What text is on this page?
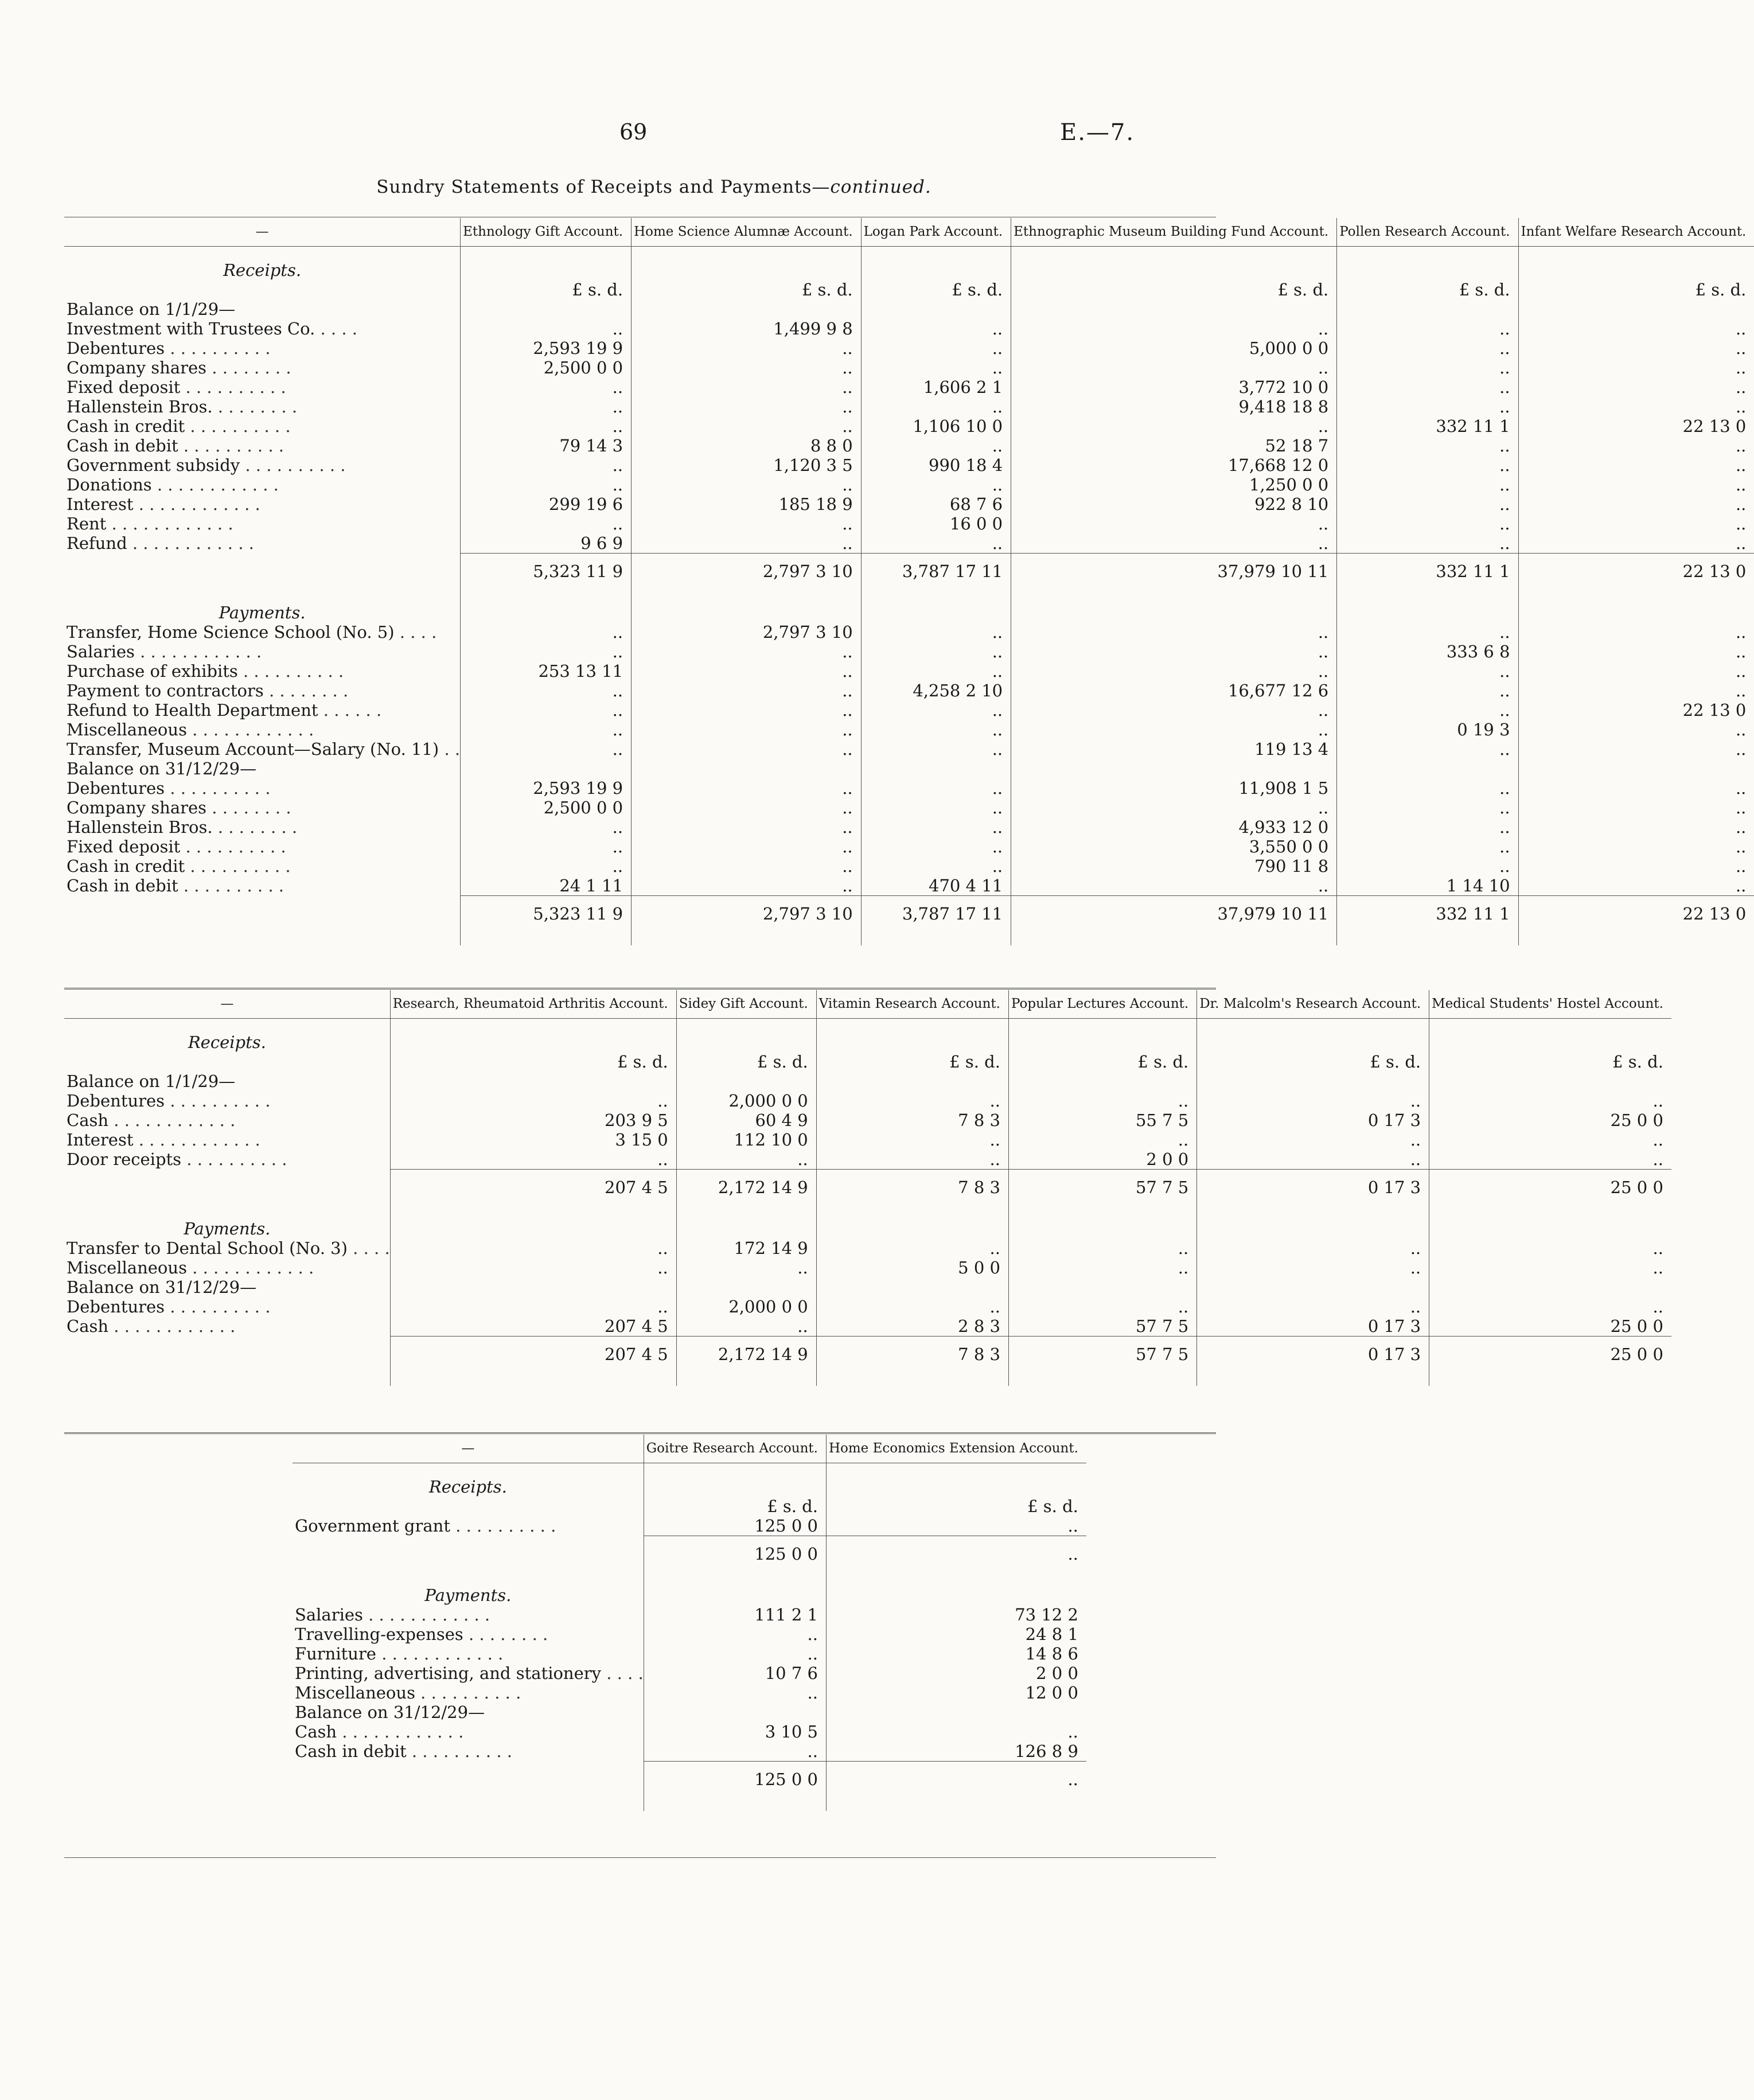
69	E.—7.
Sundry Statements of Receipts and Payments—continued.
—	Ethnology Gift Account.	Home Science Alumnæ Account.	Logan Park Account.	Ethnographic Museum Building Fund Account.	Pollen Research Account.	Infant Welfare Research Account.

Receipts.						
	£ s. d.	£ s. d.	£ s. d.	£ s. d.	£ s. d.	£ s. d.
Balance on 1/1/29—						
Investment with Trustees Co. . . . .	..	1,499 9 8	..	..	..	..
Debentures . . . . . . . . . .	2,593 19 9	..	..	5,000 0 0	..	..
Company shares . . . . . . . .	2,500 0 0	..	..	..	..	..
Fixed deposit . . . . . . . . . .	..	..	1,606 2 1	3,772 10 0	..	..
Hallenstein Bros. . . . . . . . .	..	..	..	9,418 18 8	..	..
Cash in credit . . . . . . . . . .	..	..	1,106 10 0	..	332 11 1	22 13 0
Cash in debit . . . . . . . . . .	79 14 3	8 8 0	..	52 18 7	..	..
Government subsidy . . . . . . . . . .	..	1,120 3 5	990 18 4	17,668 12 0	..	..
Donations . . . . . . . . . . . .	..	..	..	1,250 0 0	..	..
Interest . . . . . . . . . . . .	299 19 6	185 18 9	68 7 6	922 8 10	..	..
Rent . . . . . . . . . . . .	..	..	16 0 0	..	..	..
Refund . . . . . . . . . . . .	9 6 9	..	..	..	..	..
	5,323 11 9	2,797 3 10	3,787 17 11	37,979 10 11	332 11 1	22 13 0

Payments.						
Transfer, Home Science School (No. 5) . . . .	..	2,797 3 10	..	..	..	..
Salaries . . . . . . . . . . . .	..	..	..	..	333 6 8	..
Purchase of exhibits . . . . . . . . . .	253 13 11	..	..	..	..	..
Payment to contractors . . . . . . . .	..	..	4,258 2 10	16,677 12 6	..	..
Refund to Health Department . . . . . .	..	..	..	..	..	22 13 0
Miscellaneous . . . . . . . . . . . .	..	..	..	..	0 19 3	..
Transfer, Museum Account—Salary (No. 11) . .	..	..	..	119 13 4	..	..
Balance on 31/12/29—						
Debentures . . . . . . . . . .	2,593 19 9	..	..	11,908 1 5	..	..
Company shares . . . . . . . .	2,500 0 0	..	..	..	..	..
Hallenstein Bros. . . . . . . . .	..	..	..	4,933 12 0	..	..
Fixed deposit . . . . . . . . . .	..	..	..	3,550 0 0	..	..
Cash in credit . . . . . . . . . .	..	..	..	790 11 8	..	..
Cash in debit . . . . . . . . . .	24 1 11	..	470 4 11	..	1 14 10	..
	5,323 11 9	2,797 3 10	3,787 17 11	37,979 10 11	332 11 1	22 13 0

—	Research, Rheumatoid Arthritis Account.	Sidey Gift Account.	Vitamin Research Account.	Popular Lectures Account.	Dr. Malcolm's Research Account.	Medical Students' Hostel Account.

Receipts.						
	£ s. d.	£ s. d.	£ s. d.	£ s. d.	£ s. d.	£ s. d.
Balance on 1/1/29—						
Debentures . . . . . . . . . .	..	2,000 0 0	..	..	..	..
Cash . . . . . . . . . . . .	203 9 5	60 4 9	7 8 3	55 7 5	0 17 3	25 0 0
Interest . . . . . . . . . . . .	3 15 0	112 10 0	..	..	..	..
Door receipts . . . . . . . . . .	..	..	..	2 0 0	..	..
	207 4 5	2,172 14 9	7 8 3	57 7 5	0 17 3	25 0 0

Payments.						
Transfer to Dental School (No. 3) . . . .	..	172 14 9	..	..	..	..
Miscellaneous . . . . . . . . . . . .	..	..	5 0 0	..	..	..
Balance on 31/12/29—						
Debentures . . . . . . . . . .	..	2,000 0 0	..	..	..	..
Cash . . . . . . . . . . . .	207 4 5	..	2 8 3	57 7 5	0 17 3	25 0 0
	207 4 5	2,172 14 9	7 8 3	57 7 5	0 17 3	25 0 0

—	Goitre Research Account.	Home Economics Extension Account.

Receipts.		
	£ s. d.	£ s. d.
Government grant . . . . . . . . . .	125 0 0	..
	125 0 0	..

Payments.		
Salaries . . . . . . . . . . . .	111 2 1	73 12 2
Travelling-expenses . . . . . . . .	..	24 8 1
Furniture . . . . . . . . . . . .	..	14 8 6
Printing, advertising, and stationery . . . .	10 7 6	2 0 0
Miscellaneous . . . . . . . . . .	..	12 0 0
Balance on 31/12/29—		
Cash . . . . . . . . . . . .	3 10 5	..
Cash in debit . . . . . . . . . .	..	126 8 9
	125 0 0	..
